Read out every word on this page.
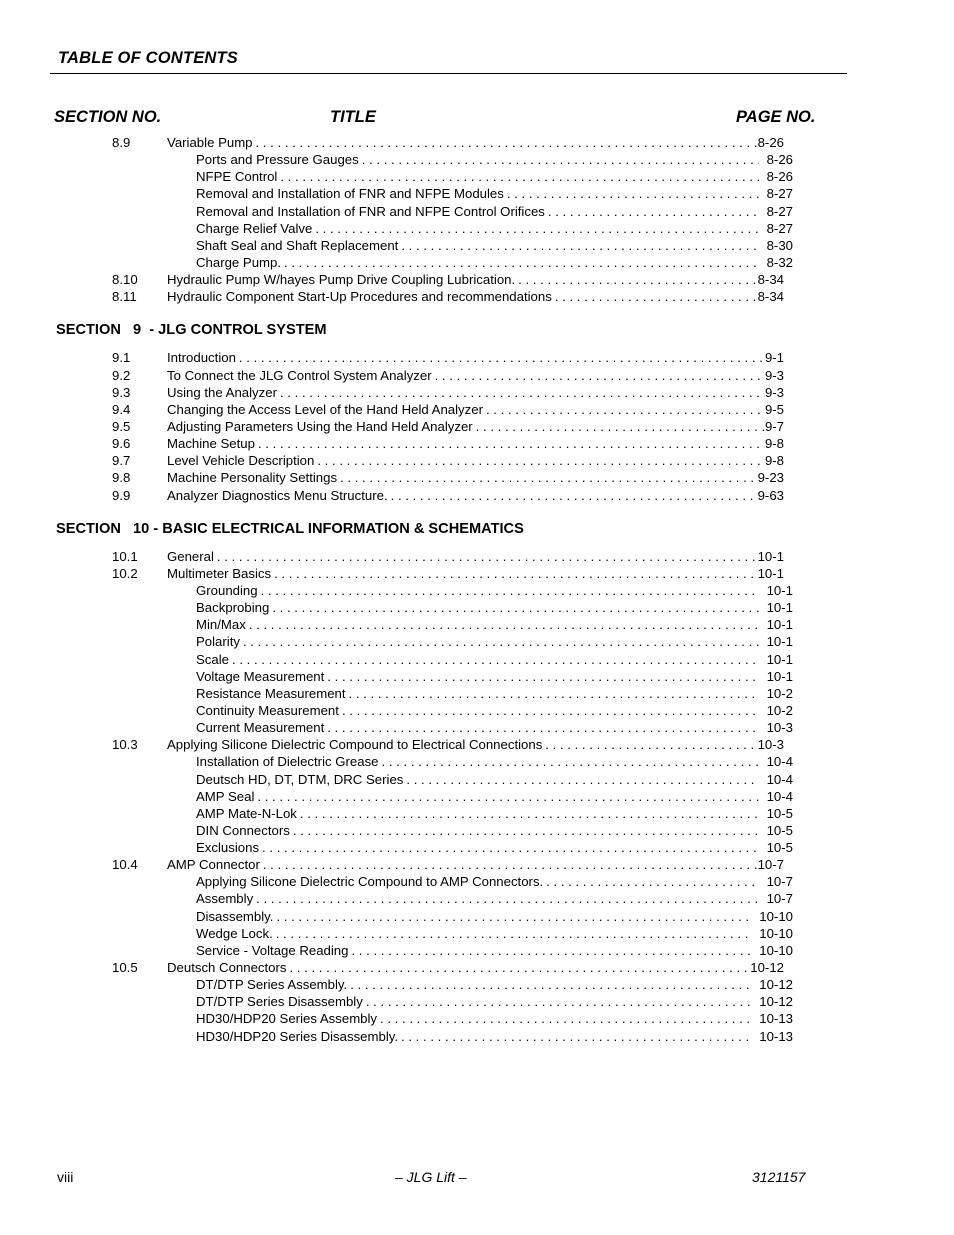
TABLE OF CONTENTS
SECTION NO.	TITLE	PAGE NO.
8.9	Variable Pump . . .	8-26
Ports and Pressure Gauges . . .	8-26
NFPE Control . . .	8-26
Removal and Installation of FNR and NFPE Modules . . .	8-27
Removal and Installation of FNR and NFPE Control Orifices . . .	8-27
Charge Relief Valve . . .	8-27
Shaft Seal and Shaft Replacement . . .	8-30
Charge Pump. . . .	8-32
8.10 Hydraulic Pump W/hayes Pump Drive Coupling Lubrication. . . .	8-34
8.11 Hydraulic Component Start-Up Procedures and recommendations . . .	8-34
SECTION   9  - JLG CONTROL SYSTEM
9.1	Introduction . . .	9-1
9.2	To Connect the JLG Control System Analyzer . . .	9-3
9.3	Using the Analyzer . . .	9-3
9.4	Changing the Access Level of the Hand Held Analyzer . . .	9-5
9.5	Adjusting Parameters Using the Hand Held Analyzer . . .	9-7
9.6	Machine Setup . . .	9-8
9.7	Level Vehicle Description . . .	9-8
9.8	Machine Personality Settings . . .	9-23
9.9	Analyzer Diagnostics Menu Structure. . . .	9-63
SECTION   10 - BASIC ELECTRICAL INFORMATION & SCHEMATICS
10.1 General . . .	10-1
10.2 Multimeter Basics . . .	10-1
Grounding . . .	10-1
Backprobing . . .	10-1
Min/Max . . .	10-1
Polarity . . .	10-1
Scale . . .	10-1
Voltage Measurement . . .	10-1
Resistance Measurement . . .	10-2
Continuity Measurement . . .	10-2
Current Measurement . . .	10-3
10.3 Applying Silicone Dielectric Compound to Electrical Connections . . .	10-3
Installation of Dielectric Grease . . .	10-4
Deutsch HD, DT, DTM, DRC Series . . .	10-4
AMP Seal . . .	10-4
AMP Mate-N-Lok . . .	10-5
DIN Connectors . . .	10-5
Exclusions . . .	10-5
10.4 AMP Connector . . .	10-7
Applying Silicone Dielectric Compound to AMP Connectors. . . .	10-7
Assembly . . .	10-7
Disassembly. . . .	10-10
Wedge Lock. . . .	10-10
Service - Voltage Reading . . .	10-10
10.5 Deutsch Connectors . . .	10-12
DT/DTP Series Assembly. . . .	10-12
DT/DTP Series Disassembly . . .	10-12
HD30/HDP20 Series Assembly . . .	10-13
HD30/HDP20 Series Disassembly. . . .	10-13
viii	– JLG Lift –	3121157
